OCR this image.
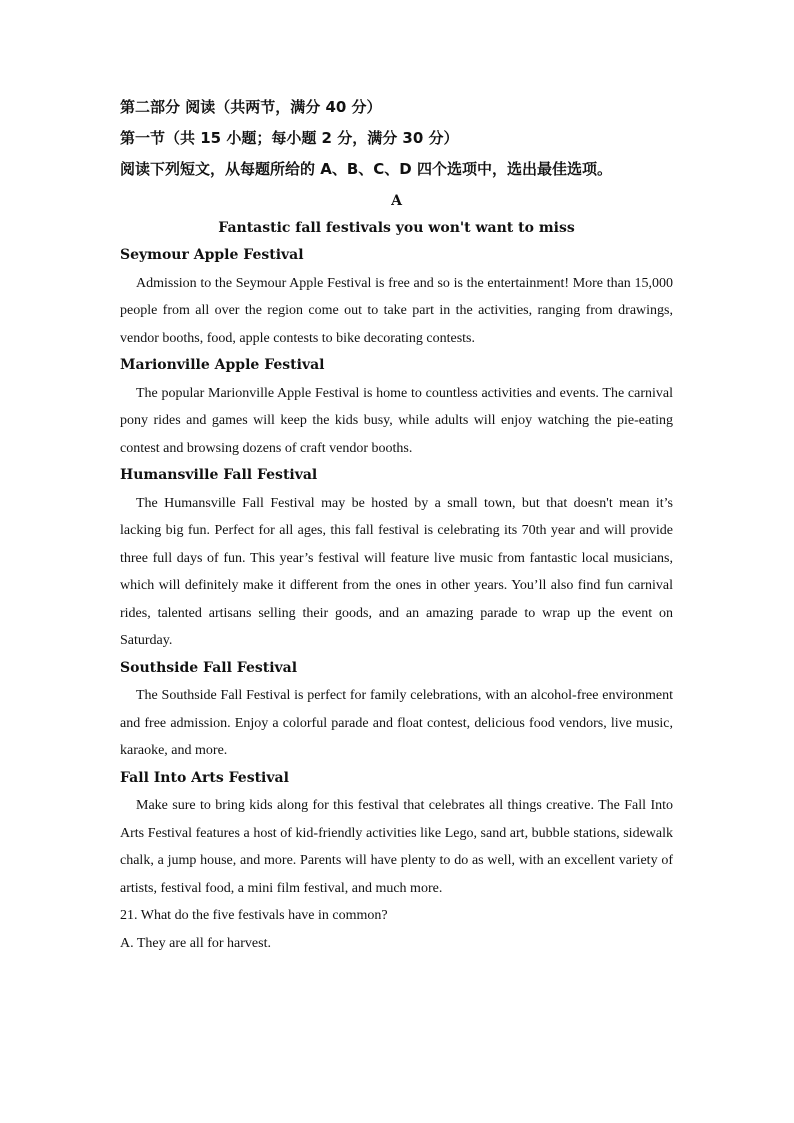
第二部分 阅读（共两节，满分 40 分）

第一节（共 15 小题；每小题 2 分，满分 30 分）

阅读下列短文，从每题所给的 A、B、C、D 四个选项中，选出最佳选项。

A

Fantastic fall festivals you won't want to miss

Seymour Apple Festival

Admission to the Seymour Apple Festival is free and so is the entertainment! More than 15,000 people from all over the region come out to take part in the activities, ranging from drawings, vendor booths, food, apple contests to bike decorating contests.

Marionville Apple Festival

The popular Marionville Apple Festival is home to countless activities and events. The carnival pony rides and games will keep the kids busy, while adults will enjoy watching the pie-eating contest and browsing dozens of craft vendor booths.

Humansville Fall Festival

The Humansville Fall Festival may be hosted by a small town, but that doesn't mean it’s lacking big fun. Perfect for all ages, this fall festival is celebrating its 70th year and will provide three full days of fun. This year’s festival will feature live music from fantastic local musicians, which will definitely make it different from the ones in other years. You’ll also find fun carnival rides, talented artisans selling their goods, and an amazing parade to wrap up the event on Saturday.

Southside Fall Festival

The Southside Fall Festival is perfect for family celebrations, with an alcohol-free environment and free admission. Enjoy a colorful parade and float contest, delicious food vendors, live music, karaoke, and more.

Fall Into Arts Festival

Make sure to bring kids along for this festival that celebrates all things creative. The Fall Into Arts Festival features a host of kid-friendly activities like Lego, sand art, bubble stations, sidewalk chalk, a jump house, and more. Parents will have plenty to do as well, with an excellent variety of artists, festival food, a mini film festival, and much more.

21. What do the five festivals have in common?

A. They are all for harvest.
